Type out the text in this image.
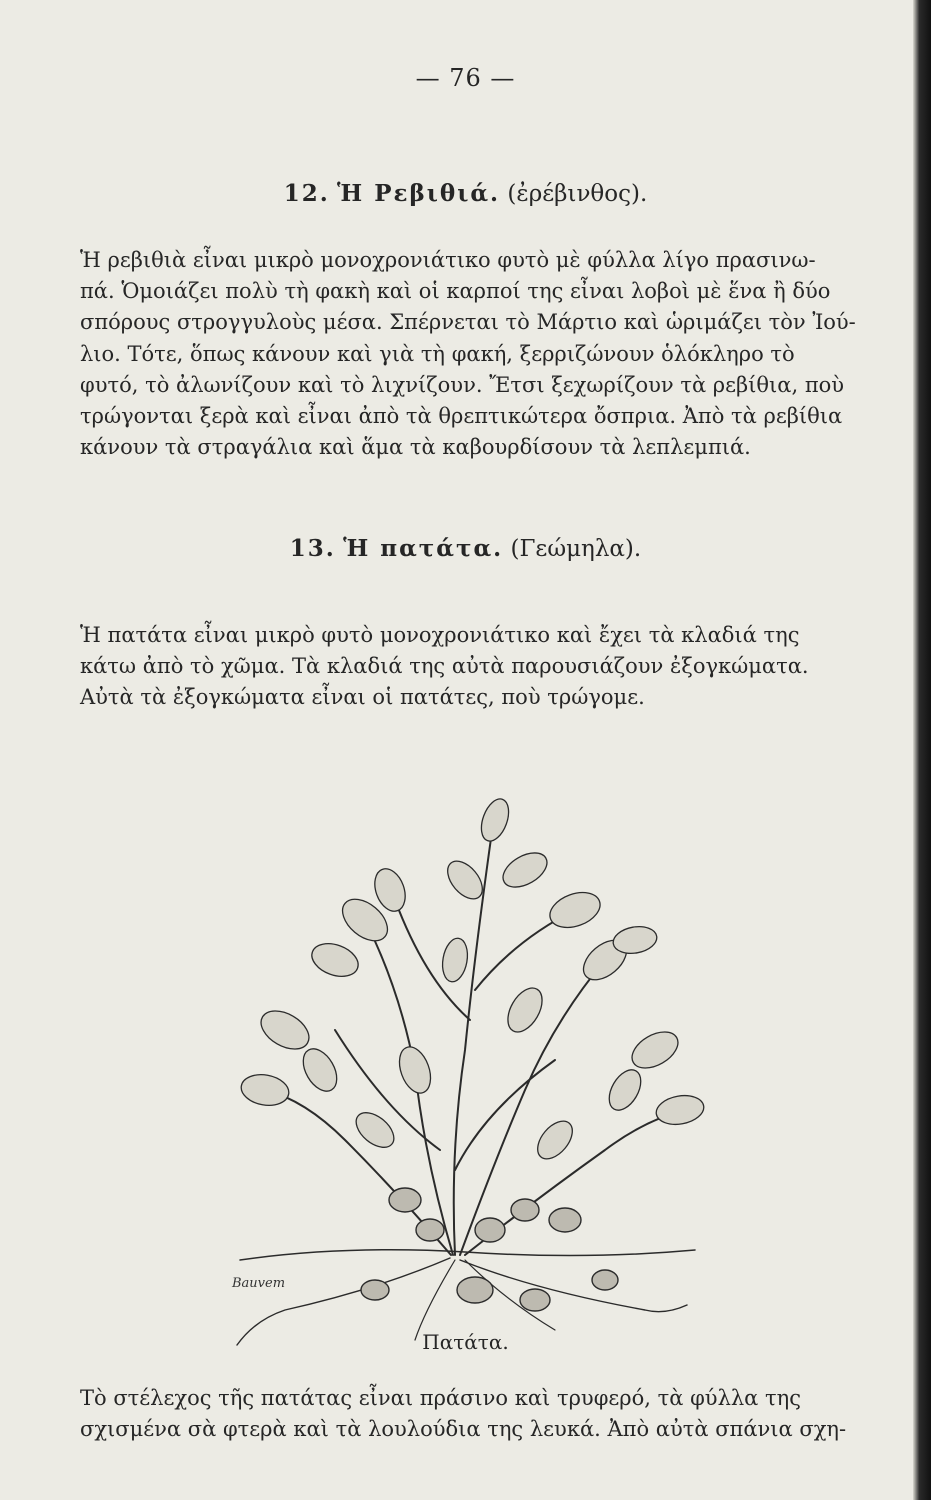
— 76 —
12. Ἡ Ρεβιθιά. (ἐρέβινθος).
Ἡ ρεβιθιὰ εἶναι μικρὸ μονοχρονιάτικο φυτὸ μὲ φύλλα λίγο πρασινω-
πά. Ὁμοιάζει πολὺ τὴ φακὴ καὶ οἱ καρποί της εἶναι λοβοὶ μὲ ἕνα ἢ δύο
σπόρους στρογγυλοὺς μέσα. Σπέρνεται τὸ Μάρτιο καὶ ὡριμάζει τὸν Ἰού-
λιο. Τότε, ὅπως κάνουν καὶ γιὰ τὴ φακή, ξερριζώνουν ὁλόκληρο τὸ
φυτό, τὸ ἀλωνίζουν καὶ τὸ λιχνίζουν. Ἔτσι ξεχωρίζουν τὰ ρεβίθια, ποὺ
τρώγονται ξερὰ καὶ εἶναι ἀπὸ τὰ θρεπτικώτερα ὄσπρια. Ἀπὸ τὰ ρεβίθια
κάνουν τὰ στραγάλια καὶ ἅμα τὰ καβουρδίσουν τὰ λεπλεμπιά.
13. Ἡ πατάτα. (Γεώμηλα).
Ἡ πατάτα εἶναι μικρὸ φυτὸ μονοχρονιάτικο καὶ ἔχει τὰ κλαδιά της
κάτω ἀπὸ τὸ χῶμα. Τὰ κλαδιά της αὐτὰ παρουσιάζουν ἐξογκώματα.
Αὐτὰ τὰ ἐξογκώματα εἶναι οἱ πατάτες, ποὺ τρώγομε.
Bauvem
Πατάτα.
Τὸ στέλεχος τῆς πατάτας εἶναι πράσινο καὶ τρυφερό, τὰ φύλλα της
σχισμένα σὰ φτερὰ καὶ τὰ λουλούδια της λευκά. Ἀπὸ αὐτὰ σπάνια σχη-
